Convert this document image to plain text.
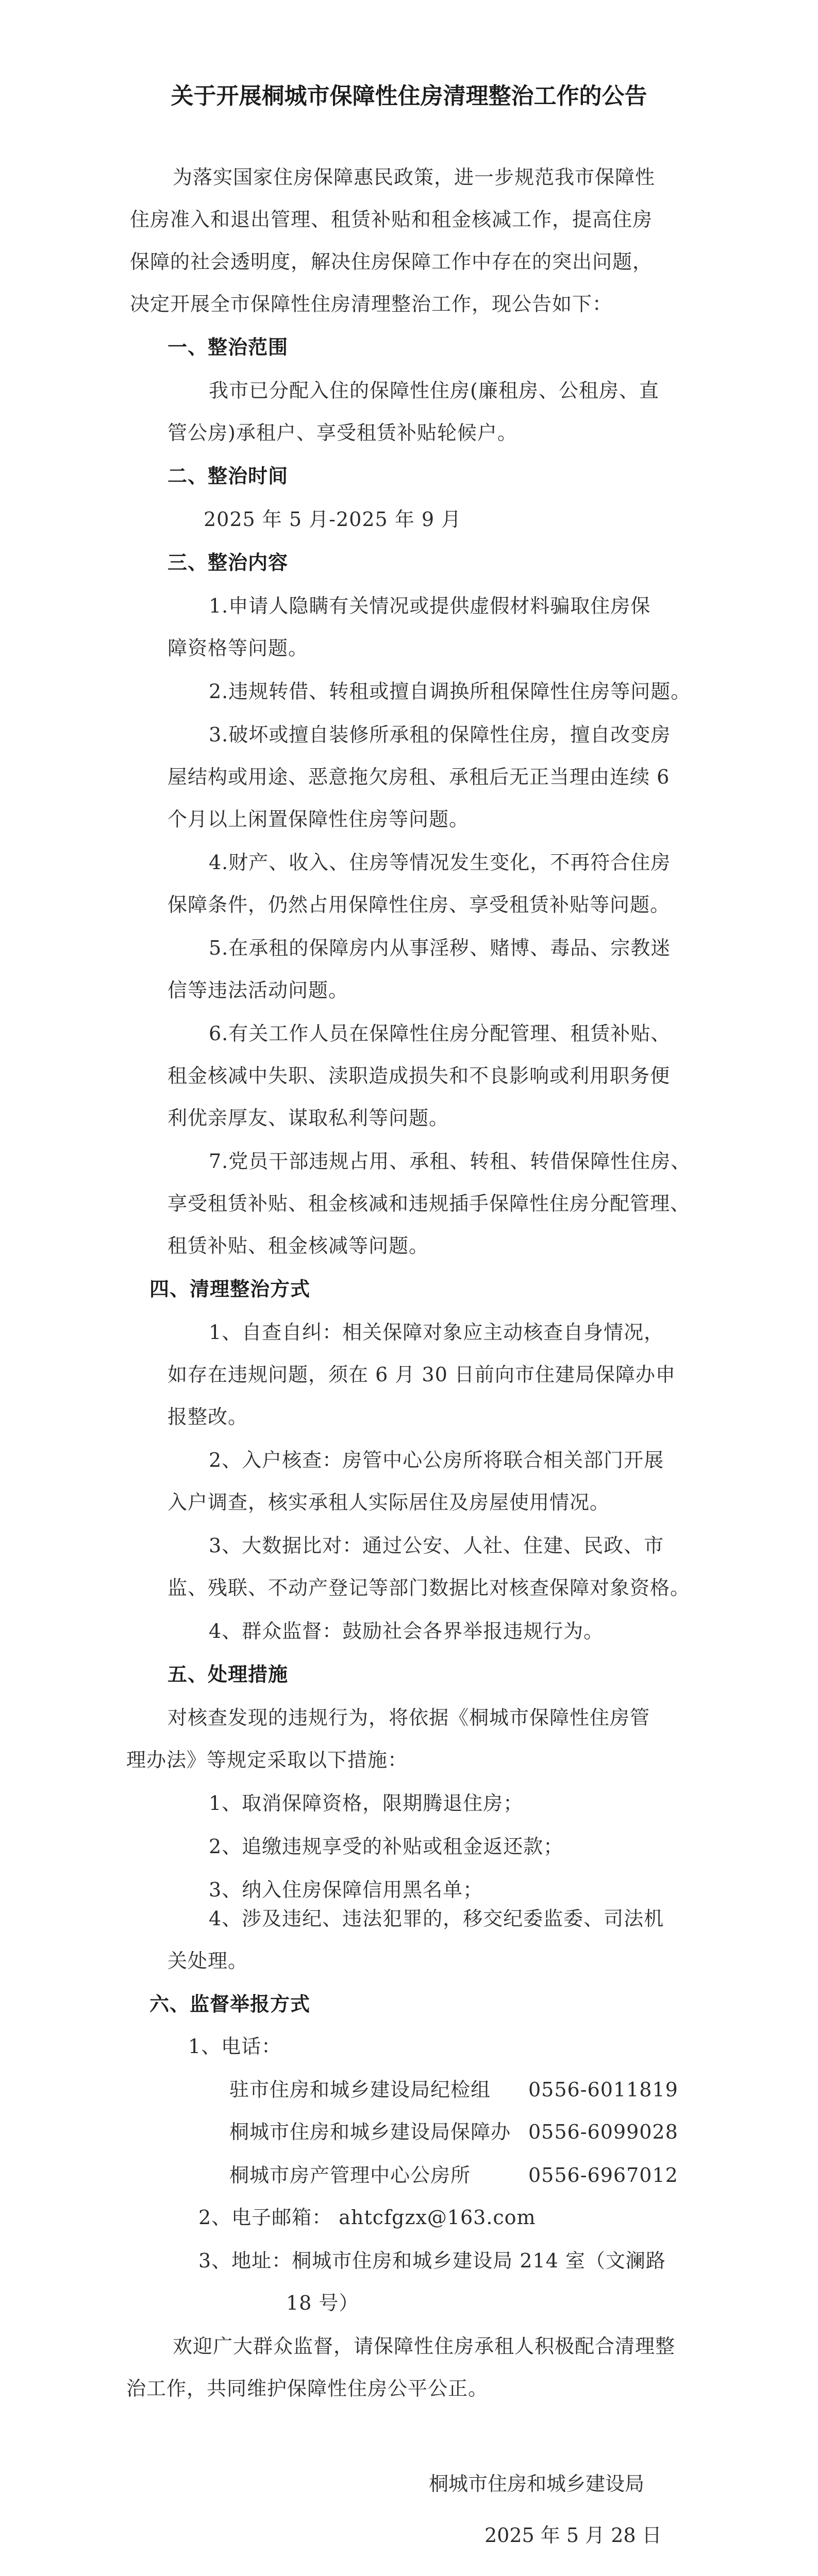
关于开展桐城市保障性住房清理整治工作的公告
为落实国家住房保障惠民政策，进一步规范我市保障性
住房准入和退出管理、租赁补贴和租金核减工作，提高住房
保障的社会透明度，解决住房保障工作中存在的突出问题，
决定开展全市保障性住房清理整治工作，现公告如下：
一、整治范围
我市已分配入住的保障性住房(廉租房、公租房、直
管公房)承租户、享受租赁补贴轮候户。
二、整治时间
2025 年 5 月-2025 年 9 月
三、整治内容
1.申请人隐瞒有关情况或提供虚假材料骗取住房保
障资格等问题。
2.违规转借、转租或擅自调换所租保障性住房等问题。
3.破坏或擅自装修所承租的保障性住房，擅自改变房
屋结构或用途、恶意拖欠房租、承租后无正当理由连续 6
个月以上闲置保障性住房等问题。
4.财产、收入、住房等情况发生变化，不再符合住房
保障条件，仍然占用保障性住房、享受租赁补贴等问题。
5.在承租的保障房内从事淫秽、赌博、毒品、宗教迷
信等违法活动问题。
6.有关工作人员在保障性住房分配管理、租赁补贴、
租金核减中失职、渎职造成损失和不良影响或利用职务便
利优亲厚友、谋取私利等问题。
7.党员干部违规占用、承租、转租、转借保障性住房、
享受租赁补贴、租金核减和违规插手保障性住房分配管理、
租赁补贴、租金核减等问题。
四、清理整治方式
1、自查自纠：相关保障对象应主动核查自身情况，
如存在违规问题，须在 6 月 30 日前向市住建局保障办申
报整改。
2、入户核查：房管中心公房所将联合相关部门开展
入户调查，核实承租人实际居住及房屋使用情况。
3、大数据比对：通过公安、人社、住建、民政、市
监、残联、不动产登记等部门数据比对核查保障对象资格。
4、群众监督：鼓励社会各界举报违规行为。
五、处理措施
对核查发现的违规行为，将依据《桐城市保障性住房管
理办法》等规定采取以下措施：
1、取消保障资格，限期腾退住房；
2、追缴违规享受的补贴或租金返还款；
3、纳入住房保障信用黑名单；
4、涉及违纪、违法犯罪的，移交纪委监委、司法机
关处理。
六、监督举报方式
1、电话：
驻市住房和城乡建设局纪检组 0556-6011819
桐城市住房和城乡建设局保障办 0556-6099028
桐城市房产管理中心公房所	0556-6967012
2、电子邮箱： ahtcfgzx@163.com
3、地址：桐城市住房和城乡建设局 214 室（文澜路
18 号）
欢迎广大群众监督，请保障性住房承租人积极配合清理整
治工作，共同维护保障性住房公平公正。
桐城市住房和城乡建设局
2025 年 5 月 28 日
